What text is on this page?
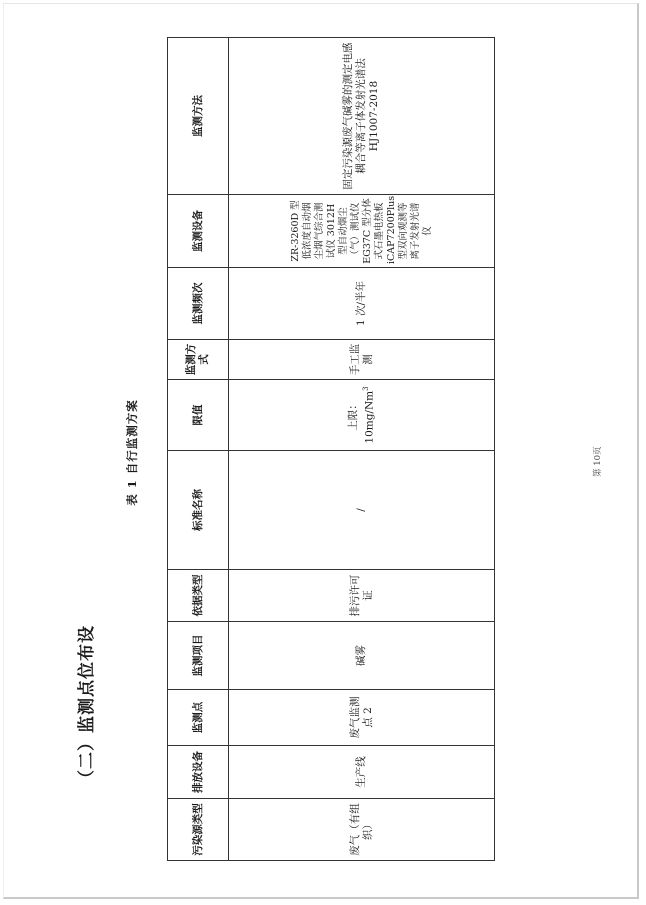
（二）监测点位布设
表 1 自行监测方案
污染源类型	排放设备	监测点	监测项目	依据类型	标准名称	限值	监测方式	监测频次	监测设备	监测方法
废气（有组织）	生产线	废气监测点 2	碱雾	排污许可证	/	上限： 10mg/Nm$^3$	手工监测	1 次/半年	ZR-3260D 型低浓度自动烟尘烟气综合测试仪 3012H 型自动烟尘（气）测试仪 EG37C 型分体式石墨电热板 iCAP7200Plus 型双向观测等离子发射光谱仪	固定污染源废气碱雾的测定电感耦合等离子体发射光谱法 HJ1007-2018
第 10页
